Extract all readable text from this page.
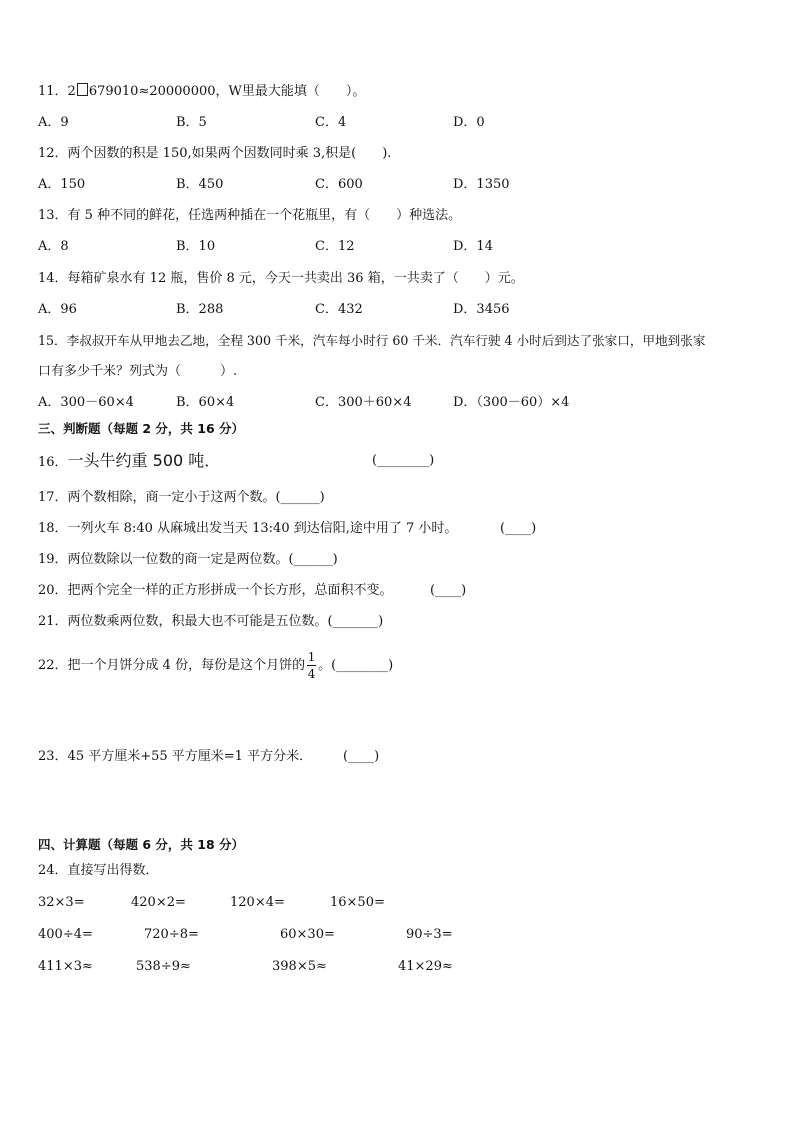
11．2 679010≈20000000，W里最大能填（　　）。
A．9	B．5	C．4	D．0
12．两个因数的积是 150,如果两个因数同时乘 3,积是(　　).
A．150	B．450	C．600	D．1350
13．有 5 种不同的鲜花，任选两种插在一个花瓶里，有（　　）种选法。
A．8	B．10	C．12	D．14
14．每箱矿泉水有 12 瓶，售价 8 元，今天一共卖出 36 箱，一共卖了（　　）元。
A．96	B．288	C．432	D．3456
15．李叔叔开车从甲地去乙地，全程 300 千米，汽车每小时行 60 千米．汽车行驶 4 小时后到达了张家口，甲地到张家
口有多少千米？列式为（　　　）.
A．300－60×4	B．60×4	C．300＋60×4	D．（300－60）×4
三、判断题（每题 2 分，共 16 分）
16．一头牛约重 500 吨．	(________)
17．两个数相除，商一定小于这两个数。(______)
18．一列火车 8:40 从麻城出发当天 13:40 到达信阳,途中用了 7 小时。	(____)
19．两位数除以一位数的商一定是两位数。(______)
20．把两个完全一样的正方形拼成一个长方形，总面积不变。	(____)
21．两位数乘两位数，积最大也不可能是五位数。(_______)
22．把一个月饼分成 4 份，每份是这个月饼的 $\frac{1}{4}$ 。(________)
23．45 平方厘米+55 平方厘米=1 平方分米． (____)
四、计算题（每题 6 分，共 18 分）
24．直接写出得数．
32×3=	420×2=	120×4=	16×50=
400÷4=	720÷8=	60×30=	90÷3=
411×3≈	538÷9≈	398×5≈	41×29≈
